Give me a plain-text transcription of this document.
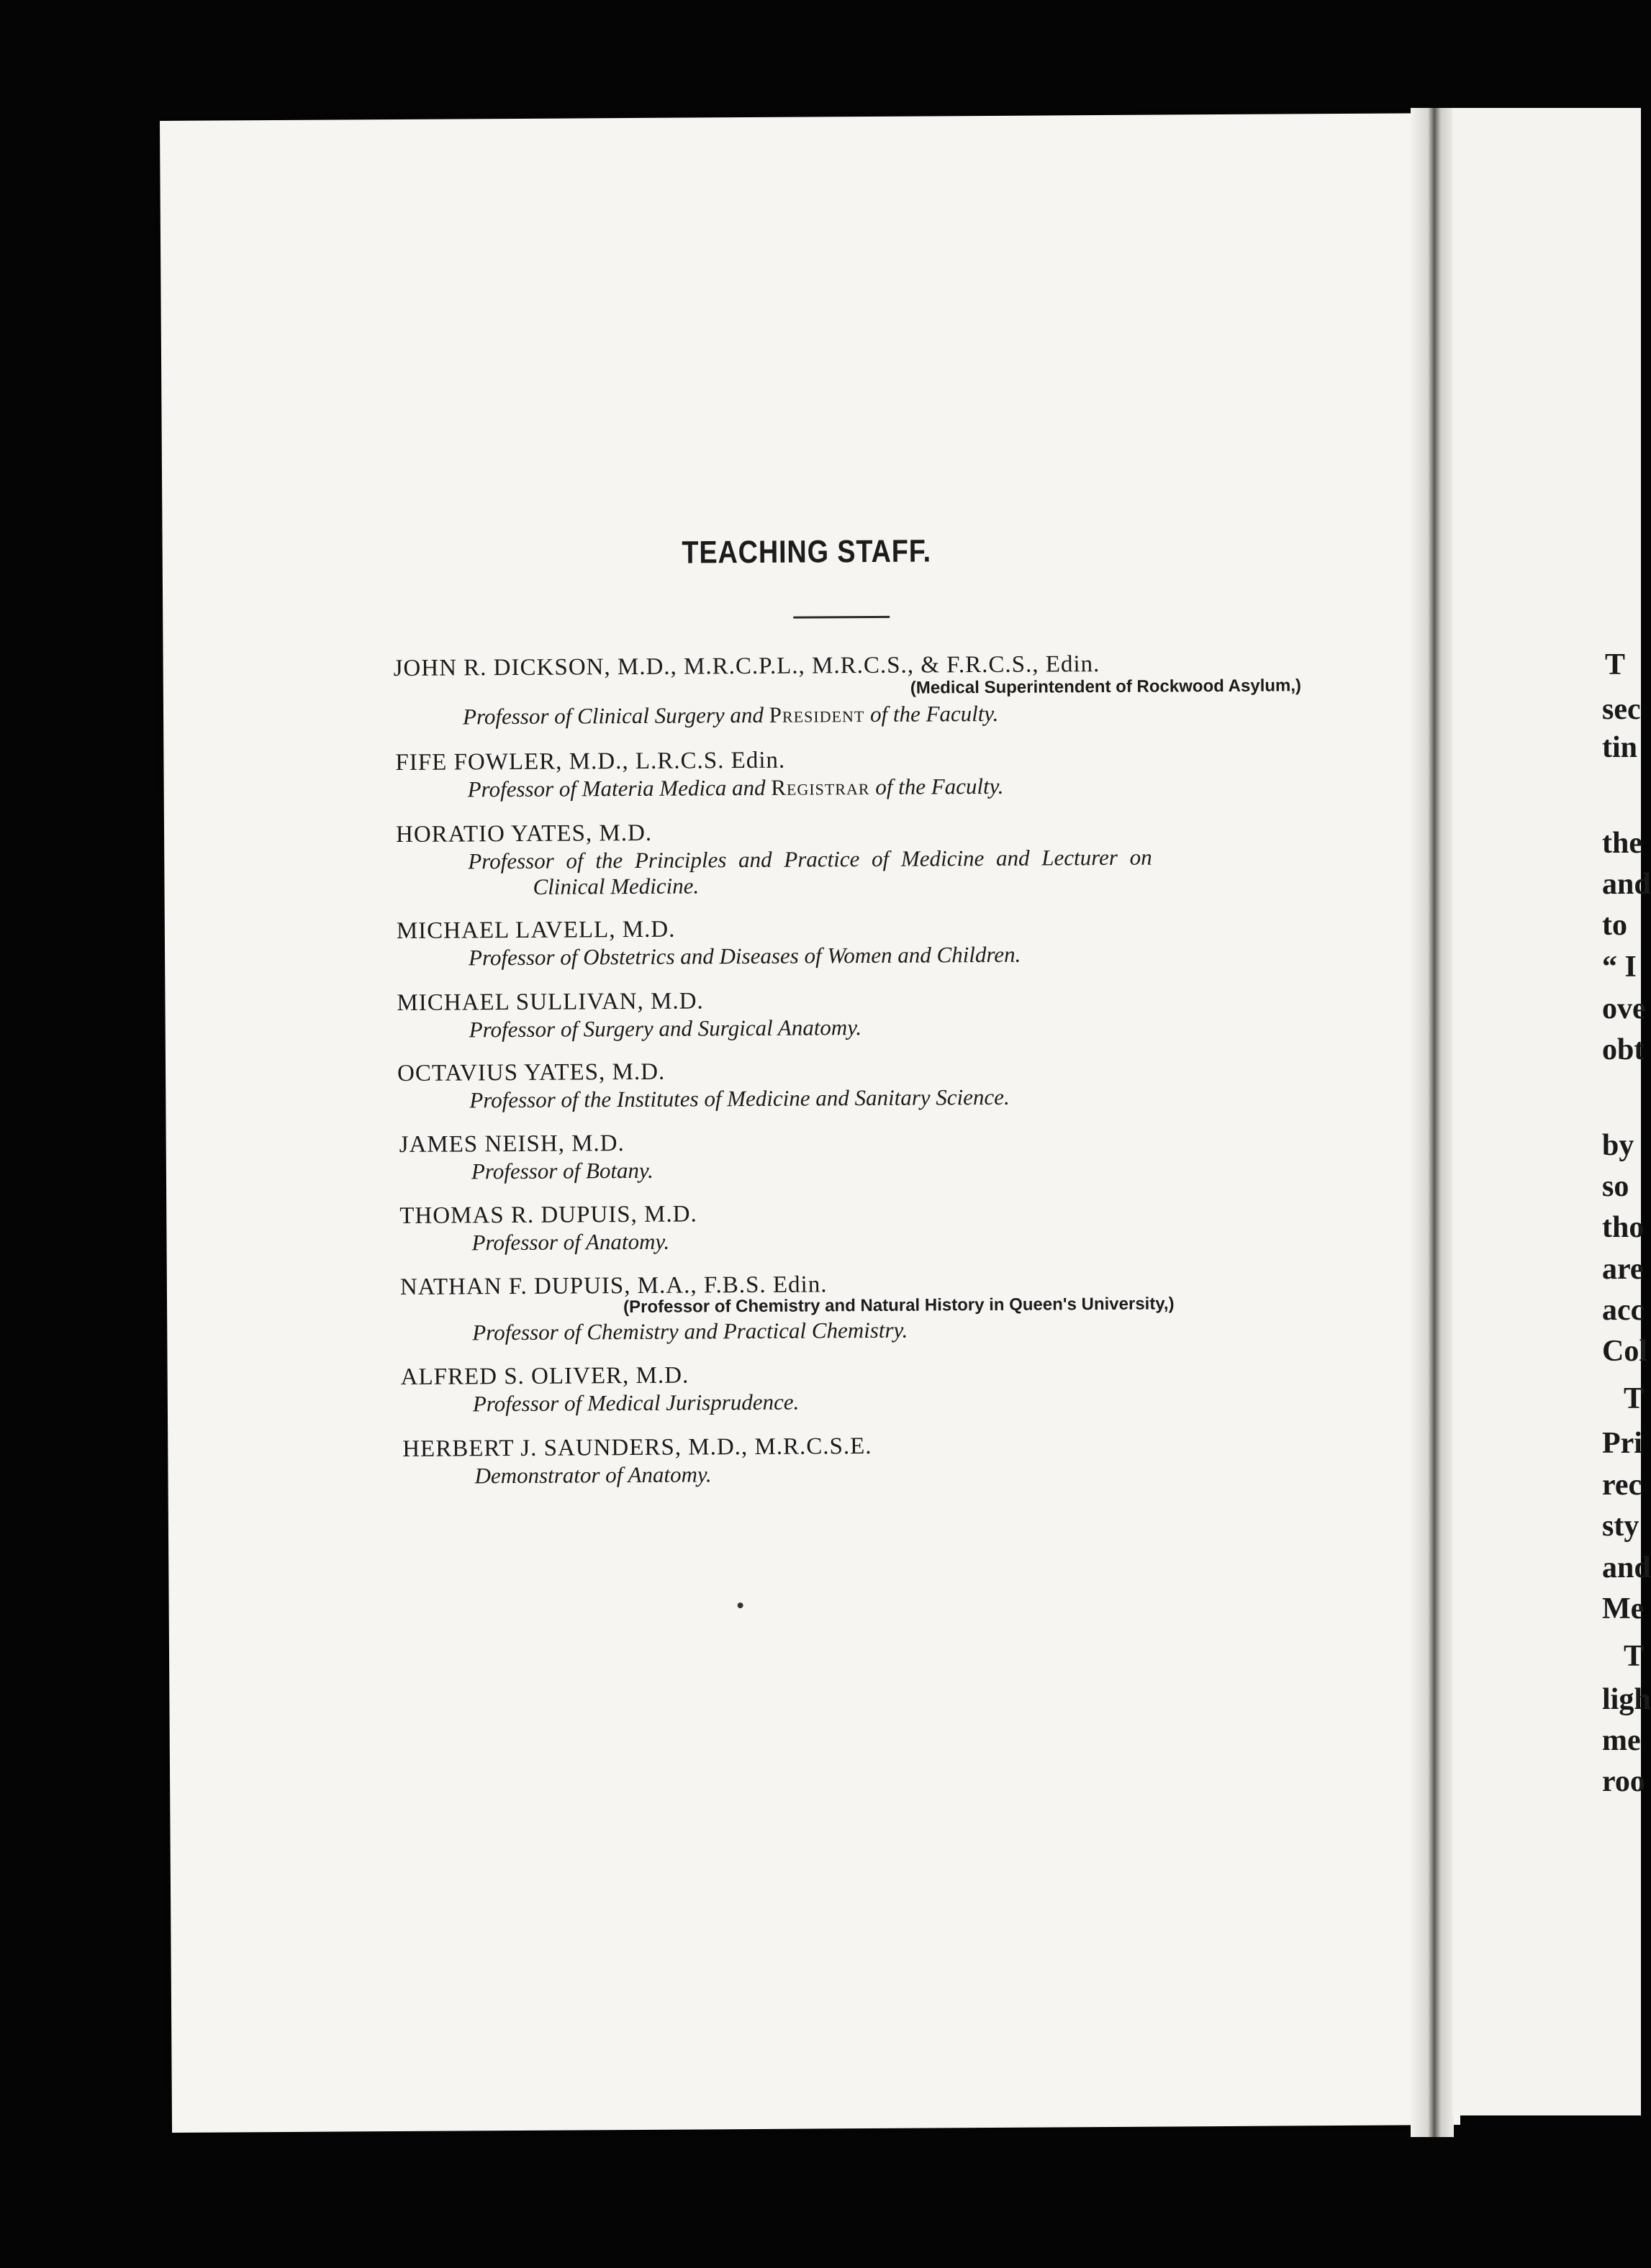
TEACHING STAFF.
JOHN R. DICKSON, M.D., M.R.C.P.L., M.R.C.S., & F.R.C.S., Edin.
(Medical Superintendent of Rockwood Asylum,)
Professor of Clinical Surgery and President of the Faculty.
FIFE FOWLER, M.D., L.R.C.S. Edin.
Professor of Materia Medica and Registrar of the Faculty.
HORATIO YATES, M.D.
Professor of the Principles and Practice of Medicine and Lecturer on
Clinical Medicine.
MICHAEL LAVELL, M.D.
Professor of Obstetrics and Diseases of Women and Children.
MICHAEL SULLIVAN, M.D.
Professor of Surgery and Surgical Anatomy.
OCTAVIUS YATES, M.D.
Professor of the Institutes of Medicine and Sanitary Science.
JAMES NEISH, M.D.
Professor of Botany.
THOMAS R. DUPUIS, M.D.
Professor of Anatomy.
NATHAN F. DUPUIS, M.A., F.B.S. Edin.
(Professor of Chemistry and Natural History in Queen's University,)
Professor of Chemistry and Practical Chemistry.
ALFRED S. OLIVER, M.D.
Professor of Medical Jurisprudence.
HERBERT J. SAUNDERS, M.D., M.R.C.S.E.
Demonstrator of Anatomy.
T
sec
tin
the
and
to
“ I
ove
obt
by
so
tho
are
acc
Col
T
Pri
rec
sty
and
Me
T
ligh
me
roo
